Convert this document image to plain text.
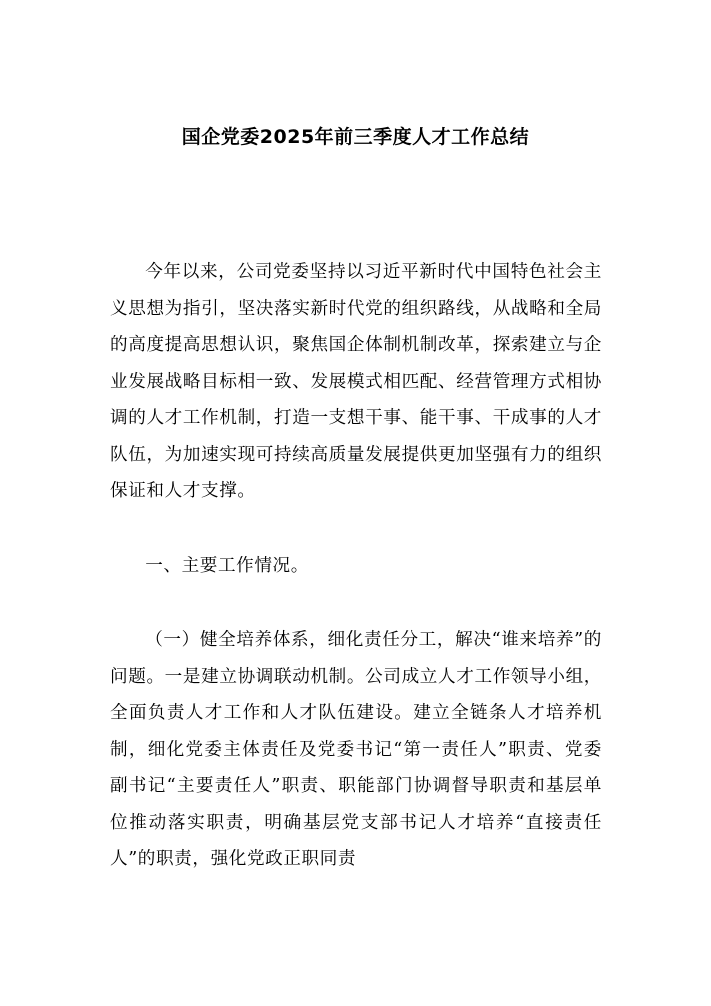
国企党委2025年前三季度人才工作总结

今年以来，公司党委坚持以习近平新时代中国特色社会主义思想为指引，坚决落实新时代党的组织路线，从战略和全局的高度提高思想认识，聚焦国企体制机制改革，探索建立与企业发展战略目标相一致、发展模式相匹配、经营管理方式相协调的人才工作机制，打造一支想干事、能干事、干成事的人才队伍，为加速实现可持续高质量发展提供更加坚强有力的组织保证和人才支撑。

一、主要工作情况。

（一）健全培养体系，细化责任分工，解决“谁来培养”的问题。一是建立协调联动机制。公司成立人才工作领导小组，全面负责人才工作和人才队伍建设。建立全链条人才培养机制，细化党委主体责任及党委书记“第一责任人”职责、党委副书记“主要责任人”职责、职能部门协调督导职责和基层单位推动落实职责，明确基层党支部书记人才培养“直接责任人”的职责，强化党政正职同责
